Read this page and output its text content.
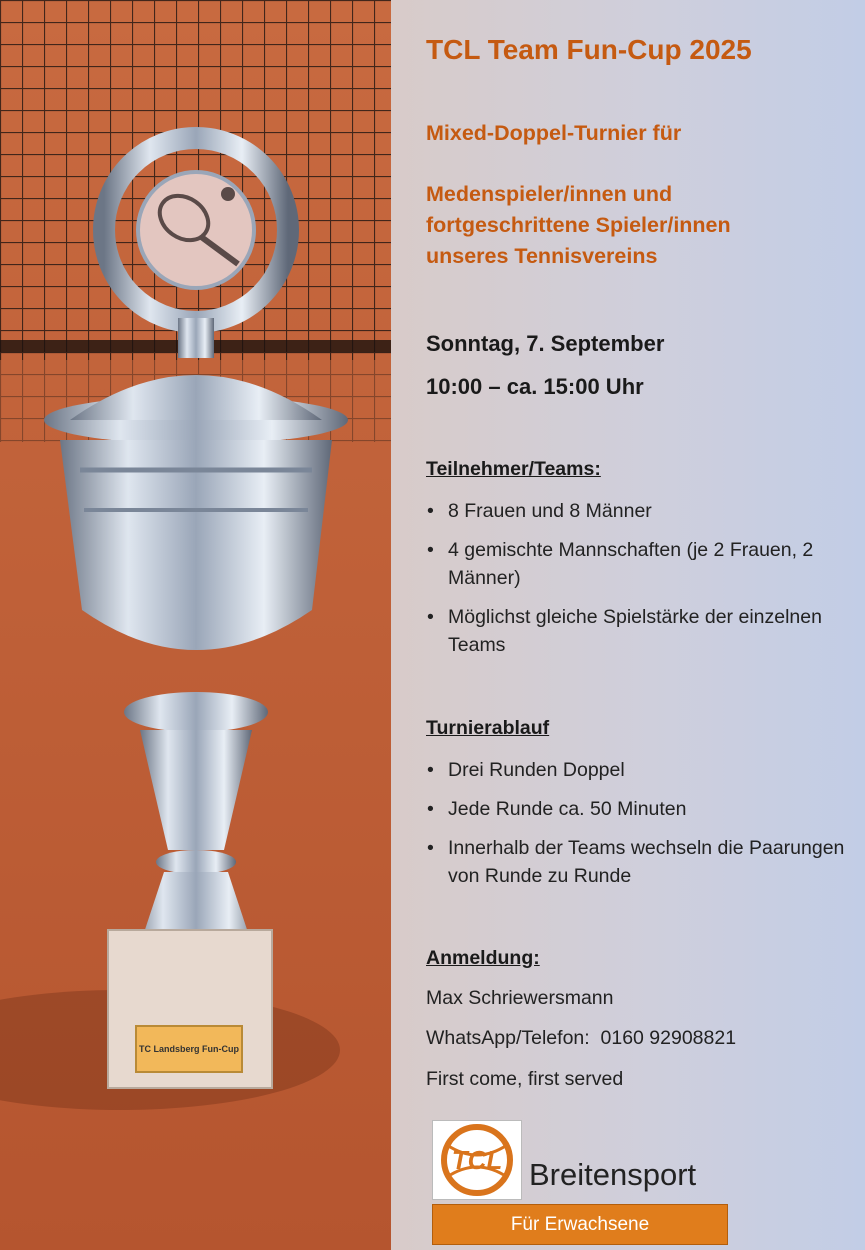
TC Landsberg Fun-Cup
TCL Team Fun-Cup 2025
Mixed-Doppel-Turnier für
Medenspieler/innen und
fortgeschrittene Spieler/innen
unseres Tennisvereins
Sonntag, 7. September
10:00 – ca. 15:00 Uhr
Teilnehmer/Teams:
• 8 Frauen und 8 Männer
• 4 gemischte Mannschaften (je 2 Frauen, 2 Männer)
• Möglichst gleiche Spielstärke der einzelnen Teams
Turnierablauf
• Drei Runden Doppel
• Jede Runde ca. 50 Minuten
• Innerhalb der Teams wechseln die Paarungen von Runde zu Runde
Anmeldung:
Max Schriewersmann
WhatsApp/Telefon:  0160 92908821
First come, first served
TCL Breitensport
Für Erwachsene
